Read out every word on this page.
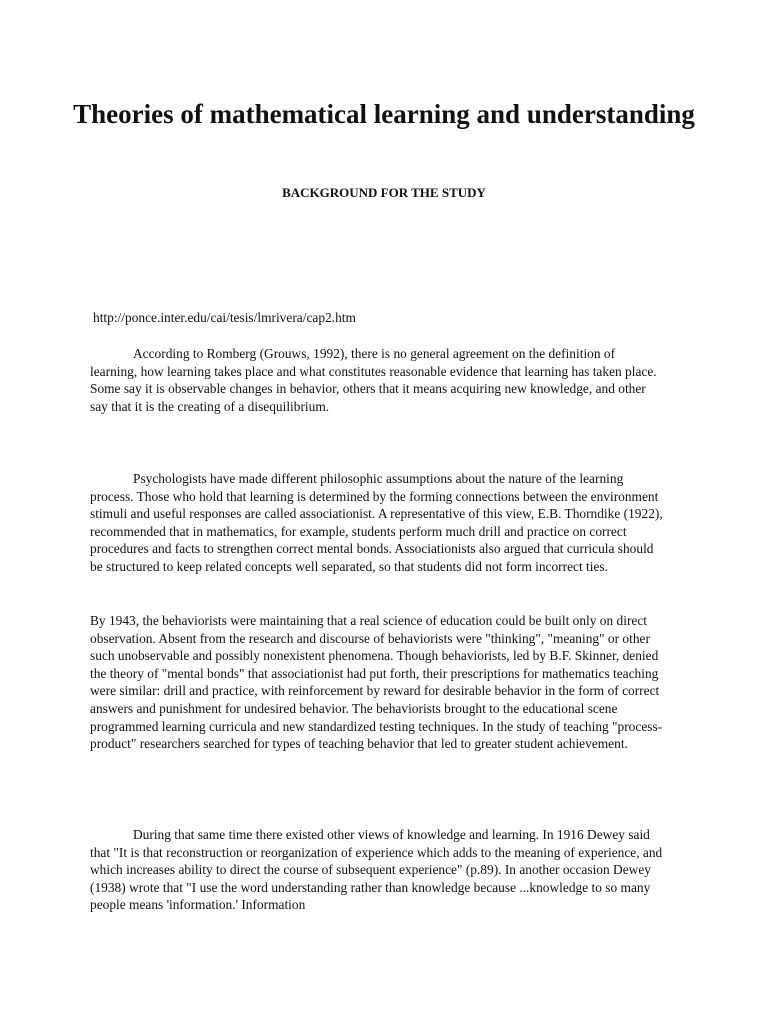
Theories of mathematical learning and understanding
BACKGROUND FOR THE STUDY

http://ponce.inter.edu/cai/tesis/lmrivera/cap2.htm

According to Romberg (Grouws, 1992), there is no general agreement on the definition of learning, how learning takes place and what constitutes reasonable evidence that learning has taken place. Some say it is observable changes in behavior, others that it means acquiring new knowledge, and other say that it is the creating of a disequilibrium.

Psychologists have made different philosophic assumptions about the nature of the learning process. Those who hold that learning is determined by the forming connections between the environment stimuli and useful responses are called associationist. A representative of this view, E.B. Thorndike (1922), recommended that in mathematics, for example, students perform much drill and practice on correct procedures and facts to strengthen correct mental bonds. Associationists also argued that curricula should be structured to keep related concepts well separated, so that students did not form incorrect ties.

By 1943, the behaviorists were maintaining that a real science of education could be built only on direct observation. Absent from the research and discourse of behaviorists were "thinking", "meaning" or other such unobservable and possibly nonexistent phenomena. Though behaviorists, led by B.F. Skinner, denied the theory of "mental bonds" that associationist had put forth, their prescriptions for mathematics teaching were similar: drill and practice, with reinforcement by reward for desirable behavior in the form of correct answers and punishment for undesired behavior. The behaviorists brought to the educational scene programmed learning curricula and new standardized testing techniques. In the study of teaching "process-product" researchers searched for types of teaching behavior that led to greater student achievement.

During that same time there existed other views of knowledge and learning. In 1916 Dewey said that "It is that reconstruction or reorganization of experience which adds to the meaning of experience, and which increases ability to direct the course of subsequent experience" (p.89). In another occasion Dewey (1938) wrote that "I use the word understanding rather than knowledge because ...knowledge to so many people means 'information.' Information
